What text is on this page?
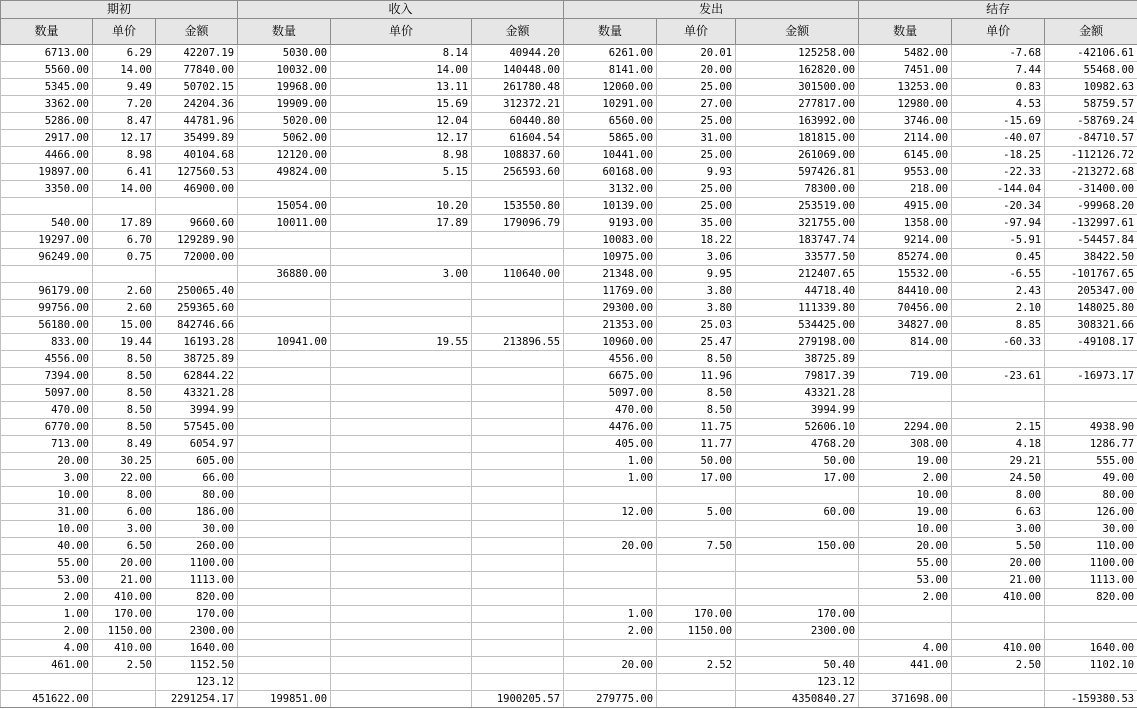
期初			收入			发出			结存		
数量	单价	金额	数量	单价	金额	数量	单价	金额	数量	单价	金额
6713.00	6.29	42207.19	5030.00	8.14	40944.20	6261.00	20.01	125258.00	5482.00	-7.68	-42106.61
5560.00	14.00	77840.00	10032.00	14.00	140448.00	8141.00	20.00	162820.00	7451.00	7.44	55468.00
5345.00	9.49	50702.15	19968.00	13.11	261780.48	12060.00	25.00	301500.00	13253.00	0.83	10982.63
3362.00	7.20	24204.36	19909.00	15.69	312372.21	10291.00	27.00	277817.00	12980.00	4.53	58759.57
5286.00	8.47	44781.96	5020.00	12.04	60440.80	6560.00	25.00	163992.00	3746.00	-15.69	-58769.24
2917.00	12.17	35499.89	5062.00	12.17	61604.54	5865.00	31.00	181815.00	2114.00	-40.07	-84710.57
4466.00	8.98	40104.68	12120.00	8.98	108837.60	10441.00	25.00	261069.00	6145.00	-18.25	-112126.72
19897.00	6.41	127560.53	49824.00	5.15	256593.60	60168.00	9.93	597426.81	9553.00	-22.33	-213272.68
3350.00	14.00	46900.00				3132.00	25.00	78300.00	218.00	-144.04	-31400.00
			15054.00	10.20	153550.80	10139.00	25.00	253519.00	4915.00	-20.34	-99968.20
540.00	17.89	9660.60	10011.00	17.89	179096.79	9193.00	35.00	321755.00	1358.00	-97.94	-132997.61
19297.00	6.70	129289.90				10083.00	18.22	183747.74	9214.00	-5.91	-54457.84
96249.00	0.75	72000.00				10975.00	3.06	33577.50	85274.00	0.45	38422.50
			36880.00	3.00	110640.00	21348.00	9.95	212407.65	15532.00	-6.55	-101767.65
96179.00	2.60	250065.40				11769.00	3.80	44718.40	84410.00	2.43	205347.00
99756.00	2.60	259365.60				29300.00	3.80	111339.80	70456.00	2.10	148025.80
56180.00	15.00	842746.66				21353.00	25.03	534425.00	34827.00	8.85	308321.66
833.00	19.44	16193.28	10941.00	19.55	213896.55	10960.00	25.47	279198.00	814.00	-60.33	-49108.17
4556.00	8.50	38725.89				4556.00	8.50	38725.89			
7394.00	8.50	62844.22				6675.00	11.96	79817.39	719.00	-23.61	-16973.17
5097.00	8.50	43321.28				5097.00	8.50	43321.28			
470.00	8.50	3994.99				470.00	8.50	3994.99			
6770.00	8.50	57545.00				4476.00	11.75	52606.10	2294.00	2.15	4938.90
713.00	8.49	6054.97				405.00	11.77	4768.20	308.00	4.18	1286.77
20.00	30.25	605.00				1.00	50.00	50.00	19.00	29.21	555.00
3.00	22.00	66.00				1.00	17.00	17.00	2.00	24.50	49.00
10.00	8.00	80.00							10.00	8.00	80.00
31.00	6.00	186.00				12.00	5.00	60.00	19.00	6.63	126.00
10.00	3.00	30.00							10.00	3.00	30.00
40.00	6.50	260.00				20.00	7.50	150.00	20.00	5.50	110.00
55.00	20.00	1100.00							55.00	20.00	1100.00
53.00	21.00	1113.00							53.00	21.00	1113.00
2.00	410.00	820.00							2.00	410.00	820.00
1.00	170.00	170.00				1.00	170.00	170.00			
2.00	1150.00	2300.00				2.00	1150.00	2300.00			
4.00	410.00	1640.00							4.00	410.00	1640.00
461.00	2.50	1152.50				20.00	2.52	50.40	441.00	2.50	1102.10
		123.12						123.12			
451622.00		2291254.17	199851.00		1900205.57	279775.00		4350840.27	371698.00		-159380.53
